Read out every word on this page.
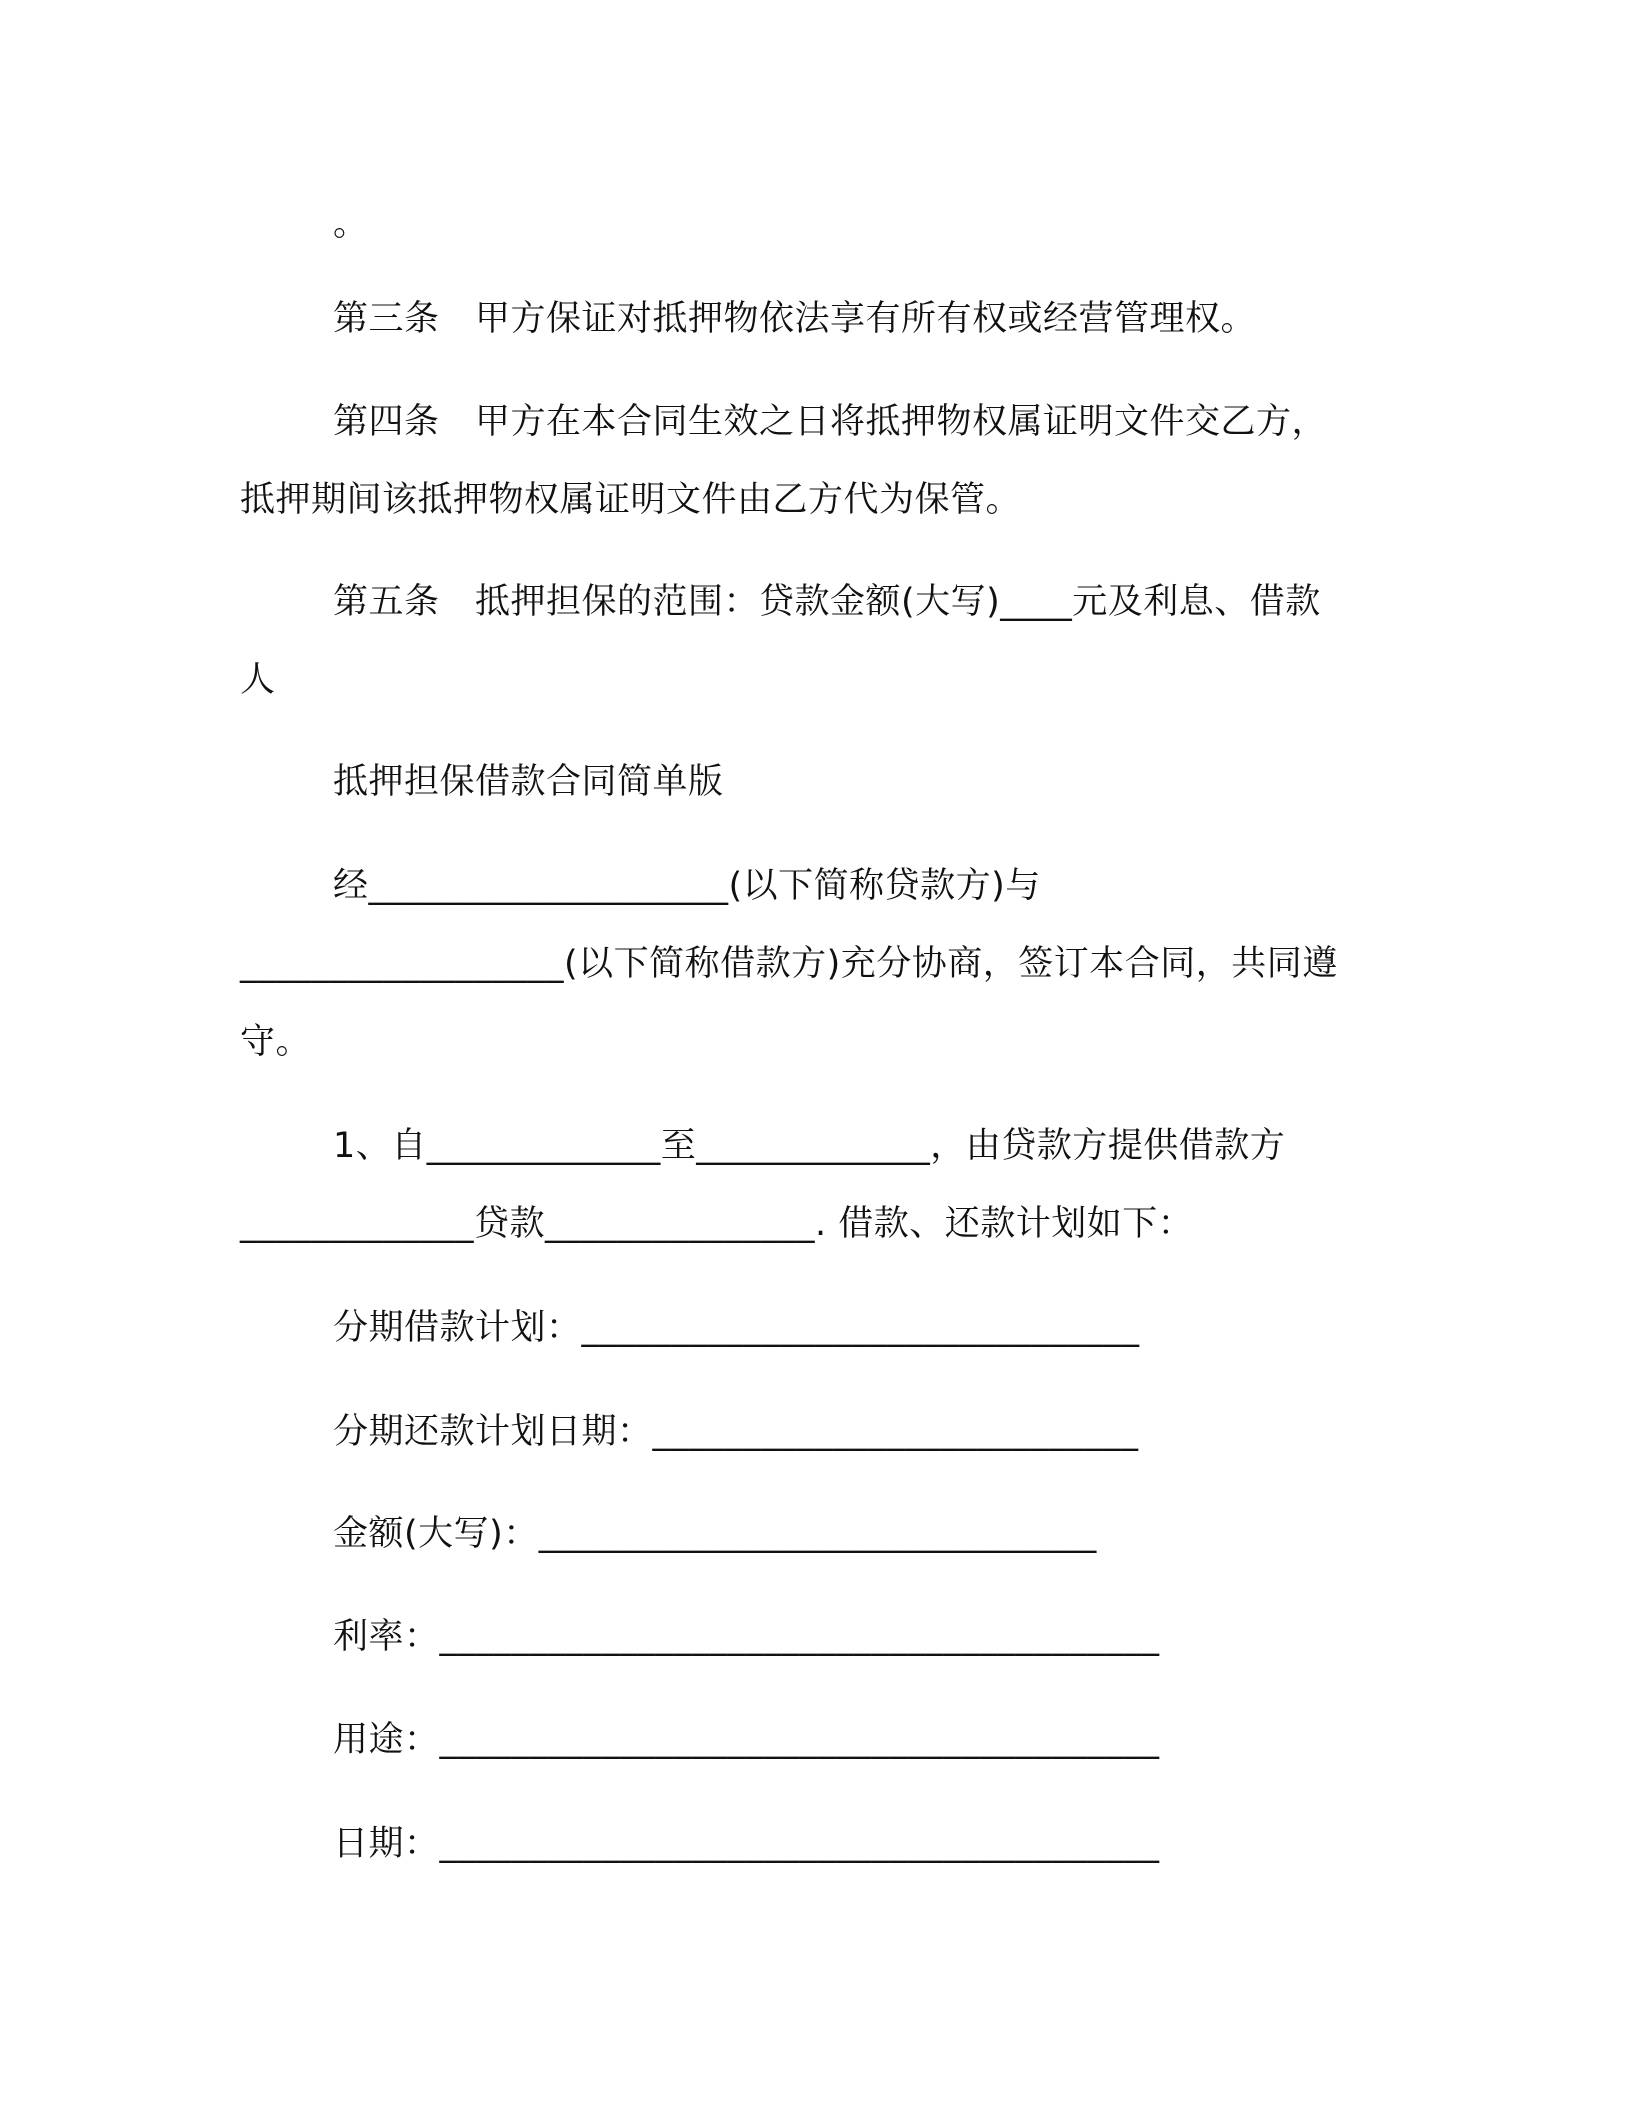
。
第三条　甲方保证对抵押物依法享有所有权或经营管理权。
第四条　甲方在本合同生效之日将抵押物权属证明文件交乙方，
抵押期间该抵押物权属证明文件由乙方代为保管。
第五条　抵押担保的范围：贷款金额(大写)____元及利息、借款
人
抵押担保借款合同简单版
经____________________(以下简称贷款方)与
__________________(以下简称借款方)充分协商，签订本合同，共同遵
守。
1、自_____________至_____________，由贷款方提供借款方
_____________贷款_______________. 借款、还款计划如下：
分期借款计划：_______________________________
分期还款计划日期：___________________________
金额(大写)：_______________________________
利率：________________________________________
用途：________________________________________
日期：________________________________________
